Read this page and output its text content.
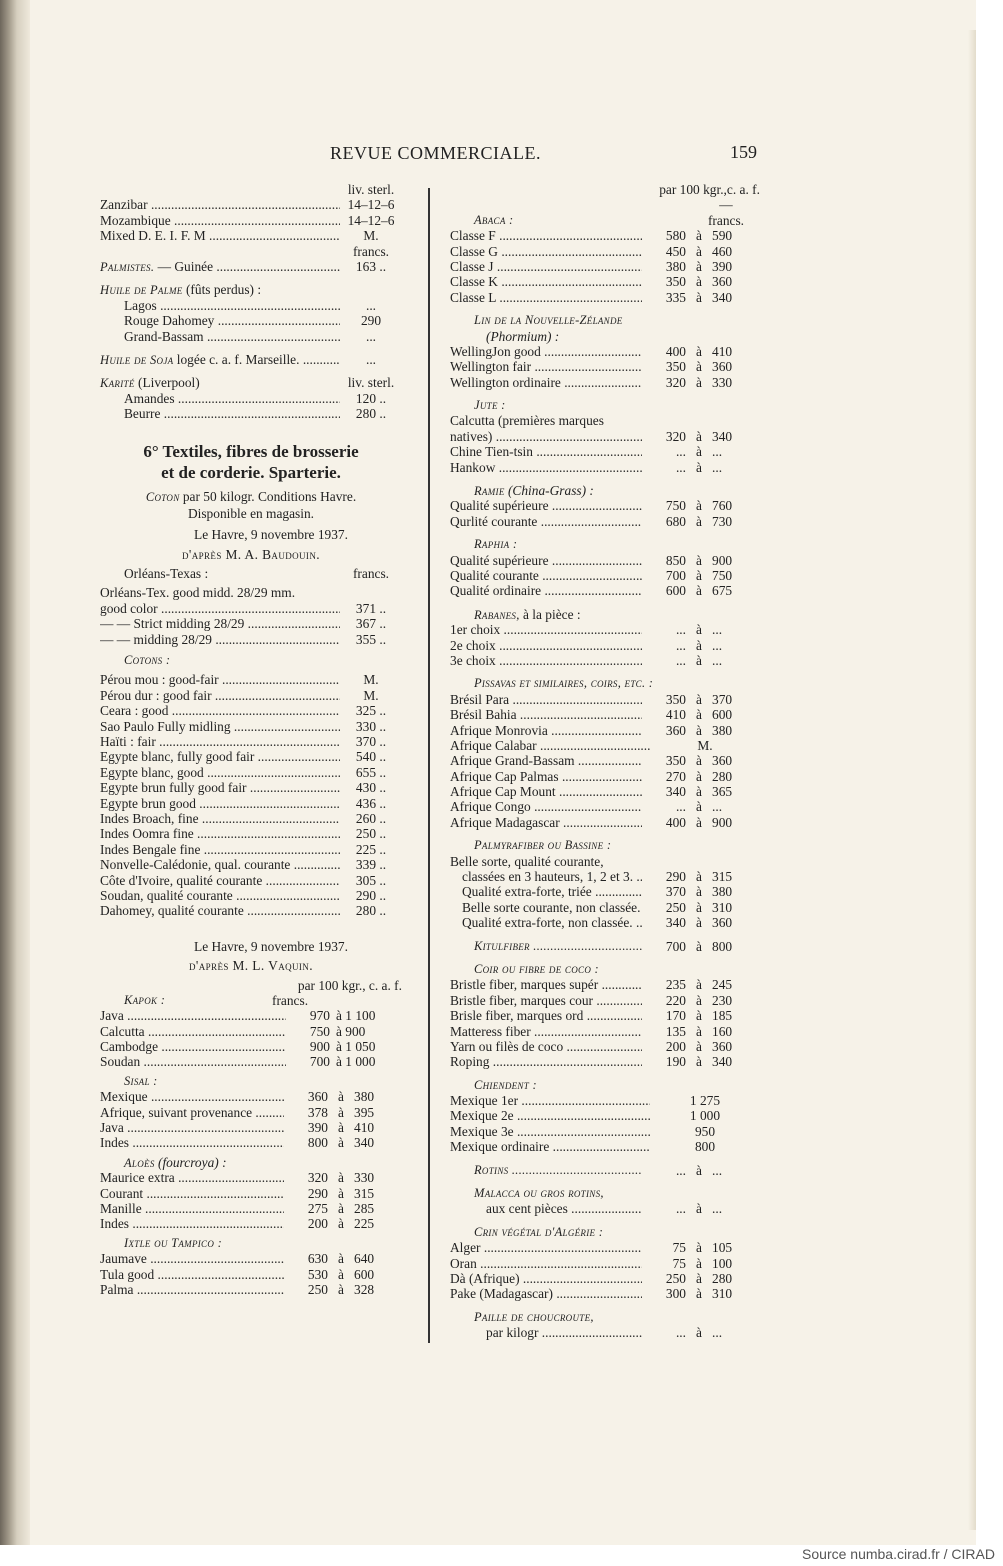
Source numba.cirad.fr / CIRAD
REVUE COMMERCIALE.	159
liv. sterl.
Zanzibar .....	14–12–6
Mozambique .....	14–12–6
Mixed D. E. I. F. M .....	M.
francs.
Palmistes. — Guinée .....	163 ..
Huile de Palme (fûts perdus) :
Lagos .....	...
Rouge Dahomey .....	290
Grand-Bassam .....	...
Huile de Soja logée c. a. f. Marseille. .....	...
Karité (Liverpool)	liv. sterl.
Amandes .....	120 ..
Beurre .....	280 ..
6° Textiles, fibres de brosserie
et de corderie. Sparterie.
Coton par 50 kilogr. Conditions Havre.
Disponible en magasin.
Le Havre, 9 novembre 1937.
d'après M. A. Baudouin.
Orléans-Texas :	francs.
Orléans-Tex. good midd. 28/29 mm.
good color .....	371 ..
— — Strict midding 28/29 .....	367 ..
— — midding 28/29 .....	355 ..
Cotons :
Pérou mou : good-fair .....	M.
Pérou dur : good fair .....	M.
Ceara : good .....	325 ..
Sao Paulo Fully midling .....	330 ..
Haïti : fair .....	370 ..
Egypte blanc, fully good fair .....	540 ..
Egypte blanc, good .....	655 ..
Egypte brun fully good fair .....	430 ..
Egypte brun good .....	436 ..
Indes Broach, fine .....	260 ..
Indes Oomra fine .....	250 ..
Indes Bengale fine .....	225 ..
Nonvelle-Calédonie, qual. courante .....	339 ..
Côte d'Ivoire, qualité courante .....	305 ..
Soudan, qualité courante .....	290 ..
Dahomey, qualité courante .....	280 ..
Le Havre, 9 novembre 1937.
d'après M. L. Vaquin.
par 100 kgr., c. a. f.
Kapok :	francs.
Java .....	970 à 1 100
Calcutta .....	750 à 900
Cambodge .....	900 à 1 050
Soudan .....	700 à 1 000
Sisal :
Mexique .....	360 à 380
Afrique, suivant provenance .....	378 à 395
Java .....	390 à 410
Indes .....	800 à 340
Aloès (fourcroya) :
Maurice extra .....	320 à 330
Courant .....	290 à 315
Manille .....	275 à 285
Indes .....	200 à 225
Ixtle ou Tampico :
Jaumave .....	630 à 640
Tula good .....	530 à 600
Palma .....	250 à 328
par 100 kgr.,c. a. f.
—
Abaca :	francs.
Classe F .....	580 à 590
Classe G .....	450 à 460
Classe J .....	380 à 390
Classe K .....	350 à 360
Classe L .....	335 à 340
Lin de la Nouvelle-Zélande
(Phormium) :
WellingJon good .....	400 à 410
Wellington fair .....	350 à 360
Wellington ordinaire .....	320 à 330
Jute :
Calcutta (premières marques
natives) .....	320 à 340
Chine Tien-tsin .....	... à ...
Hankow .....	... à ...
Ramie (China-Grass) :
Qualité supérieure .....	750 à 760
Qurlité courante .....	680 à 730
Raphia :
Qualité supérieure .....	850 à 900
Qualité courante .....	700 à 750
Qualité ordinaire .....	600 à 675
Rabanes, à la pièce :
1er choix .....	... à ...
2e choix .....	... à ...
3e choix .....	... à ...
Pissavas et similaires, coirs, etc. :
Brésil Para .....	350 à 370
Brésil Bahia .....	410 à 600
Afrique Monrovia .....	360 à 380
Afrique Calabar .....	M.
Afrique Grand-Bassam .....	350 à 360
Afrique Cap Palmas .....	270 à 280
Afrique Cap Mount .....	340 à 365
Afrique Congo .....	... à ...
Afrique Madagascar .....	400 à 900
Palmyrafiber ou Bassine :
Belle sorte, qualité courante,
classées en 3 hauteurs, 1, 2 et 3. .....	290 à 315
Qualité extra-forte, triée .....	370 à 380
Belle sorte courante, non classée. .....	250 à 310
Qualité extra-forte, non classée. .....	340 à 360
Kitulfiber .....	700 à 800
Coir ou fibre de coco :
Bristle fiber, marques supér .....	235 à 245
Bristle fiber, marques cour .....	220 à 230
Brisle fiber, marques ord .....	170 à 185
Matteress fiber .....	135 à 160
Yarn ou filès de coco .....	200 à 360
Roping .....	190 à 340
Chiendent :
Mexique 1er .....	1 275
Mexique 2e .....	1 000
Mexique 3e .....	950
Mexique ordinaire .....	800
Rotins .....	... à ...
Malacca ou gros rotins,
aux cent pièces .....	... à ...
Crin végétal d'Algérie :
Alger .....	75 à 105
Oran .....	75 à 100
Dà (Afrique) .....	250 à 280
Pake (Madagascar) .....	300 à 310
Paille de choucroute,
par kilogr .....	... à ...
